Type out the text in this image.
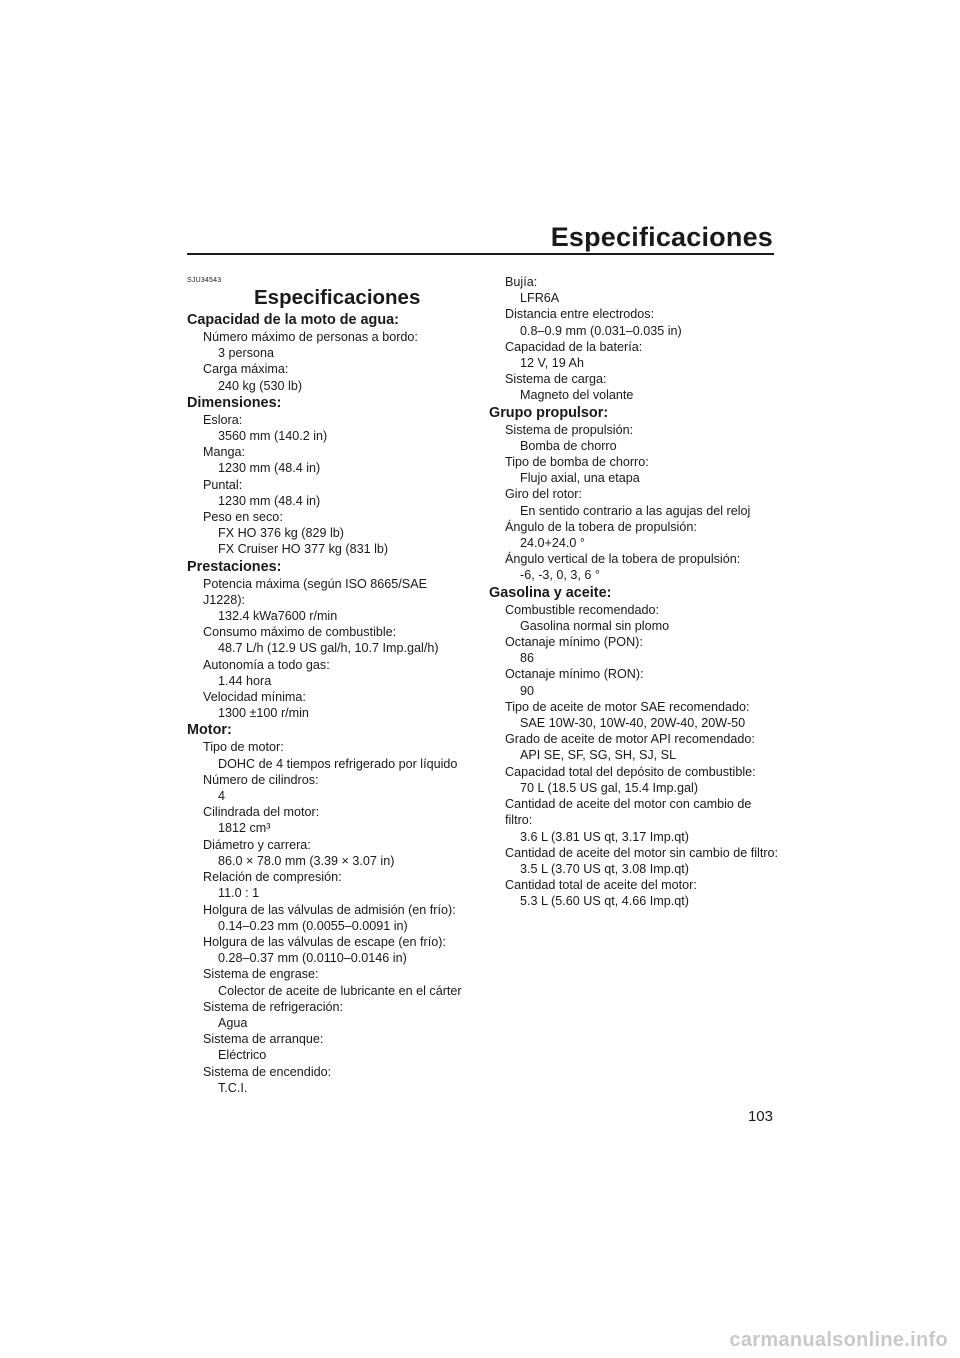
Especificaciones
SJU34543
Especificaciones
Capacidad de la moto de agua:
Número máximo de personas a bordo:
3 persona
Carga máxima:
240 kg (530 lb)
Dimensiones:
Eslora:
3560 mm (140.2 in)
Manga:
1230 mm (48.4 in)
Puntal:
1230 mm (48.4 in)
Peso en seco:
FX HO 376 kg (829 lb)
FX Cruiser HO 377 kg (831 lb)
Prestaciones:
Potencia máxima (según ISO 8665/SAE J1228):
132.4 kWa7600 r/min
Consumo máximo de combustible:
48.7 L/h (12.9 US gal/h, 10.7 Imp.gal/h)
Autonomía a todo gas:
1.44 hora
Velocidad mínima:
1300 ±100 r/min
Motor:
Tipo de motor:
DOHC de 4 tiempos refrigerado por líquido
Número de cilindros:
4
Cilindrada del motor:
1812 cm³
Diámetro y carrera:
86.0 × 78.0 mm (3.39 × 3.07 in)
Relación de compresión:
11.0 : 1
Holgura de las válvulas de admisión (en frío):
0.14–0.23 mm (0.0055–0.0091 in)
Holgura de las válvulas de escape (en frío):
0.28–0.37 mm (0.0110–0.0146 in)
Sistema de engrase:
Colector de aceite de lubricante en el cárter
Sistema de refrigeración:
Agua
Sistema de arranque:
Eléctrico
Sistema de encendido:
T.C.I.
Bujía:
LFR6A
Distancia entre electrodos:
0.8–0.9 mm (0.031–0.035 in)
Capacidad de la batería:
12 V, 19 Ah
Sistema de carga:
Magneto del volante
Grupo propulsor:
Sistema de propulsión:
Bomba de chorro
Tipo de bomba de chorro:
Flujo axial, una etapa
Giro del rotor:
En sentido contrario a las agujas del reloj
Ángulo de la tobera de propulsión:
24.0+24.0 °
Ángulo vertical de la tobera de propulsión:
-6, -3, 0, 3, 6 °
Gasolina y aceite:
Combustible recomendado:
Gasolina normal sin plomo
Octanaje mínimo (PON):
86
Octanaje mínimo (RON):
90
Tipo de aceite de motor SAE recomendado:
SAE 10W-30, 10W-40, 20W-40, 20W-50
Grado de aceite de motor API recomendado:
API SE, SF, SG, SH, SJ, SL
Capacidad total del depósito de combustible:
70 L (18.5 US gal, 15.4 Imp.gal)
Cantidad de aceite del motor con cambio de filtro:
3.6 L (3.81 US qt, 3.17 Imp.qt)
Cantidad de aceite del motor sin cambio de filtro:
3.5 L (3.70 US qt, 3.08 Imp.qt)
Cantidad total de aceite del motor:
5.3 L (5.60 US qt, 4.66 Imp.qt)
103
carmanualsonline.info
